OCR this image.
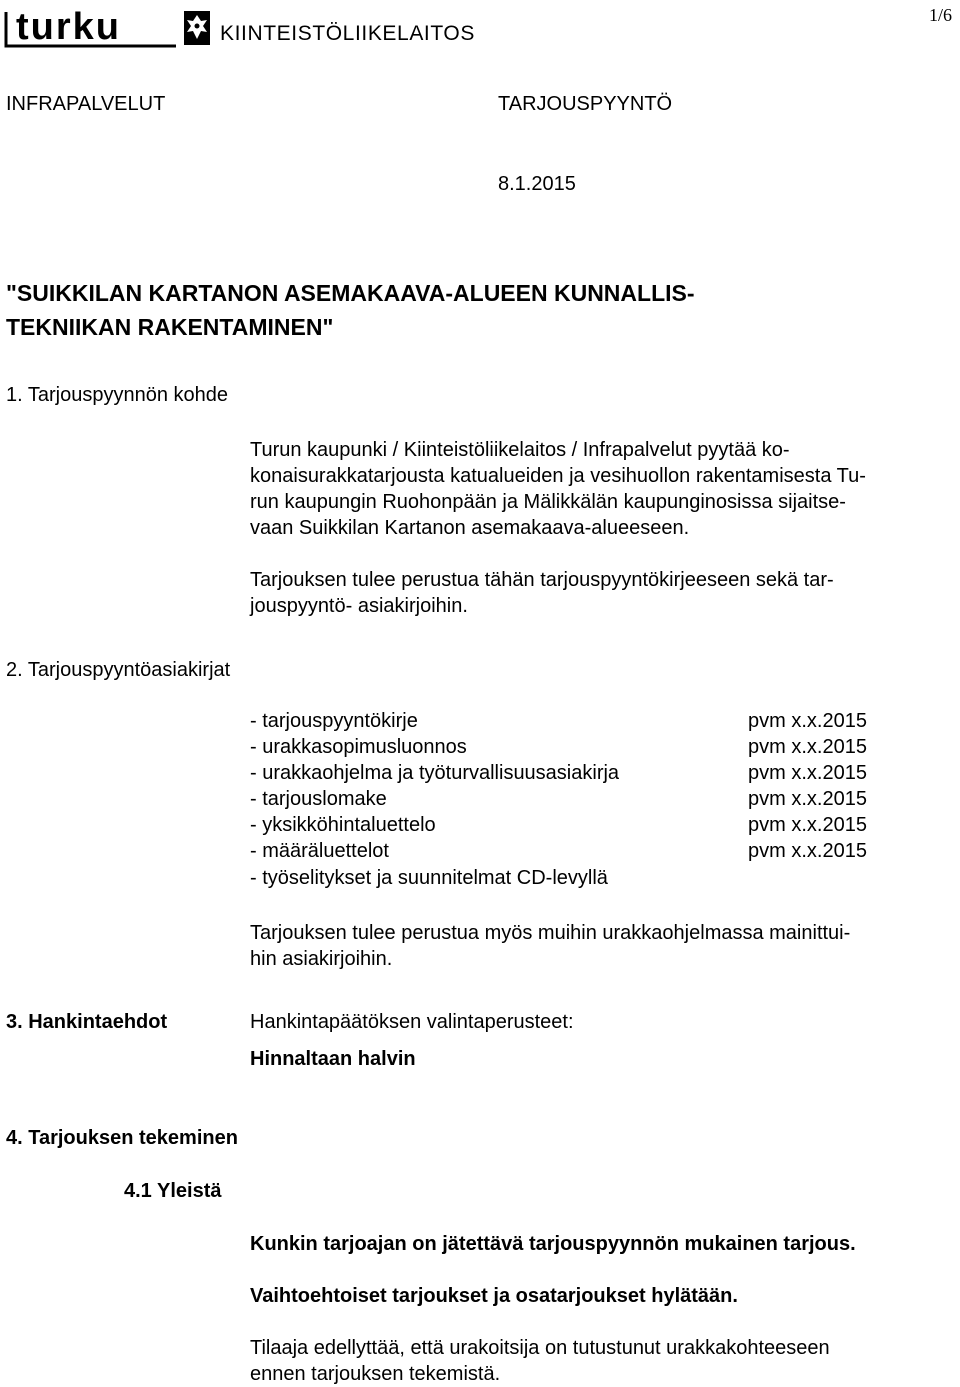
turku	KIINTEISTÖLIIKELAITOS
1/6
INFRAPALVELUT	TARJOUSPYYNTÖ
8.1.2015
"SUIKKILAN KARTANON ASEMAKAAVA-ALUEEN KUNNALLIS-
TEKNIIKAN RAKENTAMINEN"
1. Tarjouspyynnön kohde
Turun kaupunki / Kiinteistöliikelaitos / Infrapalvelut pyytää ko-
konaisurakkatarjousta katualueiden ja vesihuollon rakentamisesta Tu-
run kaupungin Ruohonpään ja Mälikkälän kaupunginosissa sijaitse-
vaan Suikkilan Kartanon asemakaava-alueeseen.
Tarjouksen tulee perustua tähän tarjouspyyntökirjeeseen sekä tar-
jouspyyntö- asiakirjoihin.
2. Tarjouspyyntöasiakirjat
- tarjouspyyntökirje	pvm x.x.2015
- urakkasopimusluonnos	pvm x.x.2015
- urakkaohjelma ja työturvallisuusasiakirja	pvm x.x.2015
- tarjouslomake	pvm x.x.2015
- yksikköhintaluettelo	pvm x.x.2015
- määräluettelot	pvm x.x.2015
- työselitykset ja suunnitelmat CD-levyllä
Tarjouksen tulee perustua myös muihin urakkaohjelmassa mainittui-
hin asiakirjoihin.
3. Hankintaehdot	Hankintapäätöksen valintaperusteet:
Hinnaltaan halvin
4. Tarjouksen tekeminen
4.1 Yleistä
Kunkin tarjoajan on jätettävä tarjouspyynnön mukainen tarjous.
Vaihtoehtoiset tarjoukset ja osatarjoukset hylätään.
Tilaaja edellyttää, että urakoitsija on tutustunut urakkakohteeseen
ennen tarjouksen tekemistä.
